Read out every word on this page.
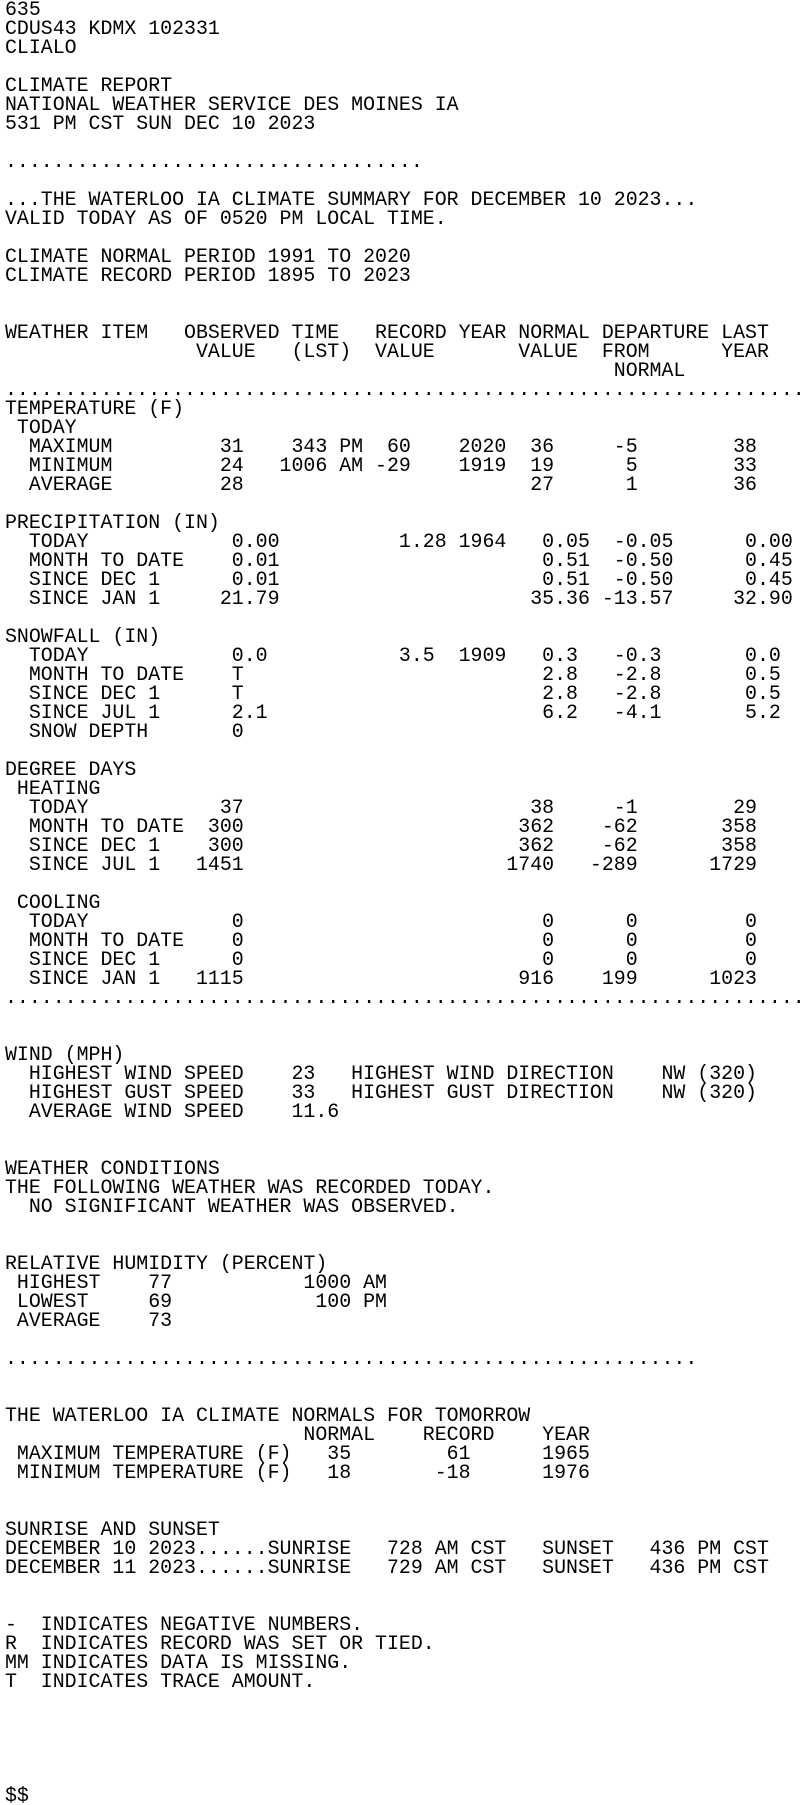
635
CDUS43 KDMX 102331
CLIALO

CLIMATE REPORT
NATIONAL WEATHER SERVICE DES MOINES IA
531 PM CST SUN DEC 10 2023

...................................

...THE WATERLOO IA CLIMATE SUMMARY FOR DECEMBER 10 2023...
VALID TODAY AS OF 0520 PM LOCAL TIME.

CLIMATE NORMAL PERIOD 1991 TO 2020
CLIMATE RECORD PERIOD 1895 TO 2023

WEATHER ITEM   OBSERVED TIME   RECORD YEAR NORMAL DEPARTURE LAST
VALUE   (LST)  VALUE       VALUE  FROM      YEAR
NORMAL
...................................................................
TEMPERATURE (F)
TODAY
MAXIMUM         31    343 PM  60    2020  36     -5        38
MINIMUM         24   1006 AM -29    1919  19      5        33
AVERAGE         28                        27      1        36

PRECIPITATION (IN)
TODAY            0.00          1.28 1964   0.05  -0.05      0.00
MONTH TO DATE    0.01                      0.51  -0.50      0.45
SINCE DEC 1      0.01                      0.51  -0.50      0.45
SINCE JAN 1     21.79                     35.36 -13.57     32.90

SNOWFALL (IN)
TODAY            0.0           3.5  1909   0.3   -0.3       0.0
MONTH TO DATE    T                         2.8   -2.8       0.5
SINCE DEC 1      T                         2.8   -2.8       0.5
SINCE JUL 1      2.1                       6.2   -4.1       5.2
SNOW DEPTH       0

DEGREE DAYS
HEATING
TODAY           37                        38     -1        29
MONTH TO DATE  300                       362    -62       358
SINCE DEC 1    300                       362    -62       358
SINCE JUL 1   1451                      1740   -289      1729

COOLING
TODAY            0                         0      0         0
MONTH TO DATE    0                         0      0         0
SINCE DEC 1      0                         0      0         0
SINCE JAN 1   1115                       916    199      1023
...................................................................

WIND (MPH)
HIGHEST WIND SPEED    23   HIGHEST WIND DIRECTION    NW (320)
HIGHEST GUST SPEED    33   HIGHEST GUST DIRECTION    NW (320)
AVERAGE WIND SPEED    11.6

WEATHER CONDITIONS
THE FOLLOWING WEATHER WAS RECORDED TODAY.
NO SIGNIFICANT WEATHER WAS OBSERVED.

RELATIVE HUMIDITY (PERCENT)
HIGHEST    77           1000 AM
LOWEST     69            100 PM
AVERAGE    73

..........................................................

THE WATERLOO IA CLIMATE NORMALS FOR TOMORROW
NORMAL    RECORD    YEAR
MAXIMUM TEMPERATURE (F)   35        61      1965
MINIMUM TEMPERATURE (F)   18       -18      1976

SUNRISE AND SUNSET
DECEMBER 10 2023......SUNRISE   728 AM CST   SUNSET   436 PM CST
DECEMBER 11 2023......SUNRISE   729 AM CST   SUNSET   436 PM CST

-  INDICATES NEGATIVE NUMBERS.
R  INDICATES RECORD WAS SET OR TIED.
MM INDICATES DATA IS MISSING.
T  INDICATES TRACE AMOUNT.

$$
